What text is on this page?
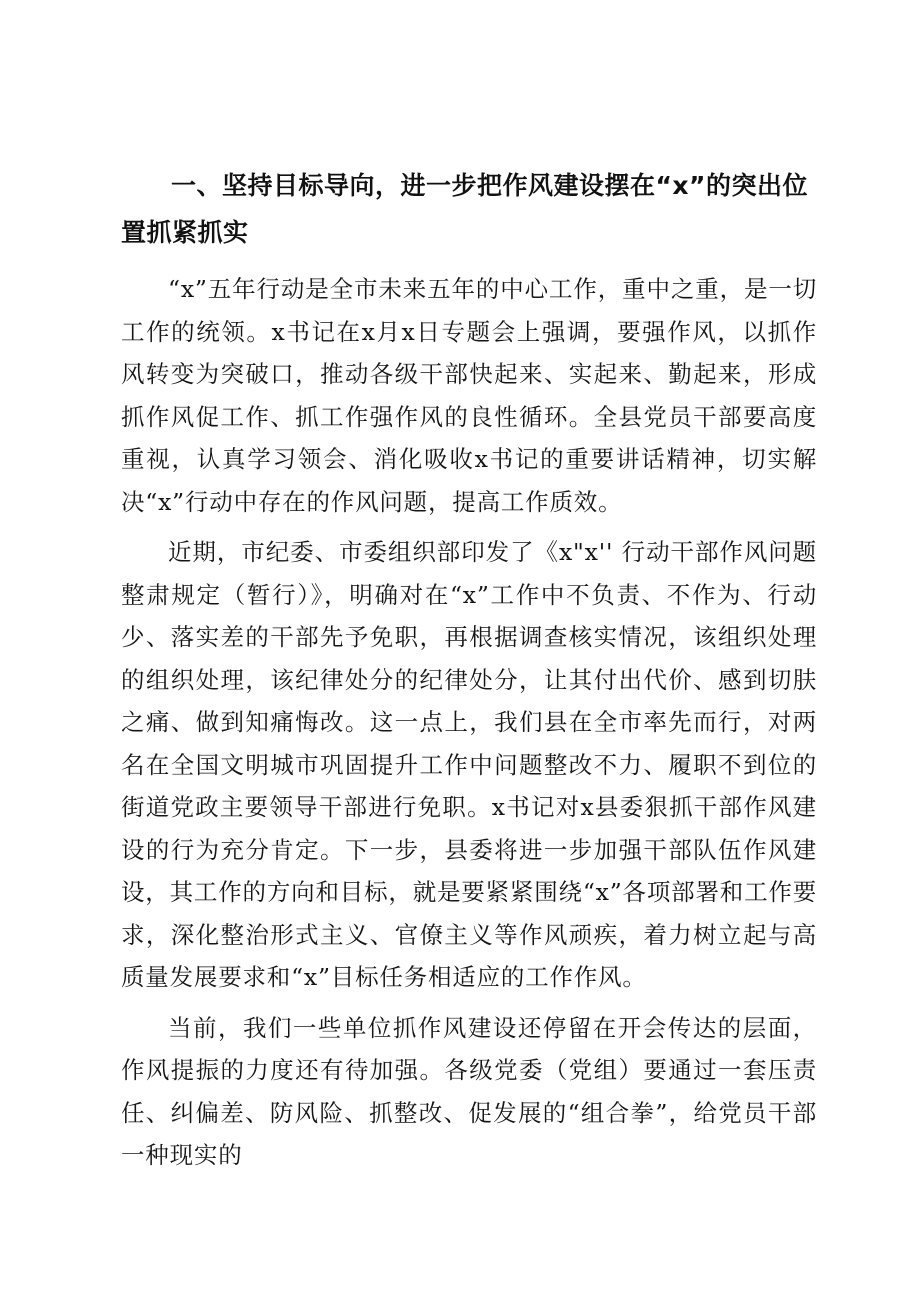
一、坚持目标导向，进一步把作风建设摆在“x”的突出位置抓紧抓实

“x”五年行动是全市未来五年的中心工作，重中之重，是一切工作的统领。x书记在x月x日专题会上强调，要强作风，以抓作风转变为突破口，推动各级干部快起来、实起来、勤起来，形成抓作风促工作、抓工作强作风的良性循环。全县党员干部要高度重视，认真学习领会、消化吸收x书记的重要讲话精神，切实解决“x”行动中存在的作风问题，提高工作质效。

近期，市纪委、市委组织部印发了《x"x'' 行动干部作风问题整肃规定（暂行）》，明确对在“x”工作中不负责、不作为、行动少、落实差的干部先予免职，再根据调查核实情况，该组织处理的组织处理，该纪律处分的纪律处分，让其付出代价、感到切肤之痛、做到知痛悔改。这一点上，我们县在全市率先而行，对两名在全国文明城市巩固提升工作中问题整改不力、履职不到位的街道党政主要领导干部进行免职。x书记对x县委狠抓干部作风建设的行为充分肯定。下一步，县委将进一步加强干部队伍作风建设，其工作的方向和目标，就是要紧紧围绕“x”各项部署和工作要求，深化整治形式主义、官僚主义等作风顽疾，着力树立起与高质量发展要求和“x”目标任务相适应的工作作风。

当前，我们一些单位抓作风建设还停留在开会传达的层面，作风提振的力度还有待加强。各级党委（党组）要通过一套压责任、纠偏差、防风险、抓整改、促发展的“组合拳”，给党员干部一种现实的
